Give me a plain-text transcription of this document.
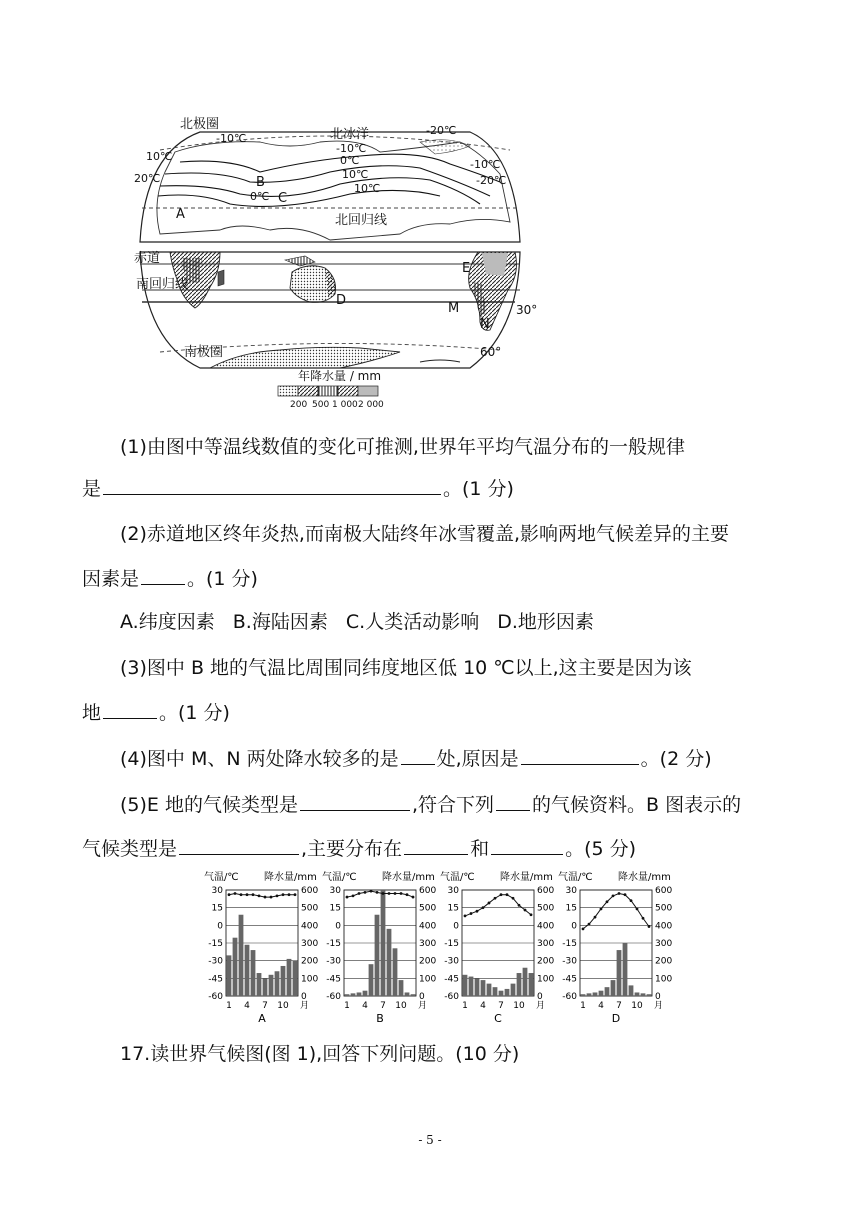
北极圈
北冰洋
北回归线
赤道
南回归线
南极圈
30°
60°
A
B
C
D
E
M
N
-10℃
10℃
20℃
0℃
-10℃
-20℃
10℃
0℃	-10℃
10℃
-20℃
年降水量 / mm
200 500 1 000 2 000
(1)由图中等温线数值的变化可推测,世界年平均气温分布的一般规律
是	。(1 分)
(2)赤道地区终年炎热,而南极大陆终年冰雪覆盖,影响两地气候差异的主要
因素是	。(1 分)
A.纬度因素 B.海陆因素 C.人类活动影响 D.地形因素
(3)图中 B 地的气温比周围同纬度地区低 10 ℃以上,这主要是因为该
地	。(1 分)
(4)图中 M、N 两处降水较多的是 处,原因是	。(2 分)
(5)E 地的气候类型是	,符合下列 的气候资料。B 图表示的
气候类型是	,主要分布在	和	。(5 分)
气温/℃	降水量/mm
30	600
15	500
0	400
-15	300
-30	200
-45	100
-60	0
1 4 7 10 月
A
气温/℃	降水量/mm
30	600
15	500
0	400
-15	300
-30	200
-45	100
-60	0
1 4 7 10 月
B
气温/℃	降水量/mm
30	600
15	500
0	400
-15	300
-30	200
-45	100
-60	0
1 4 7 10 月
C
气温/℃	降水量/mm
30	600
15	500
0	400
-15	300
-30	200
-45	100
-60	0
1 4 7 10 月
D
17.读世界气候图(图 1),回答下列问题。(10 分)
- 5 -
